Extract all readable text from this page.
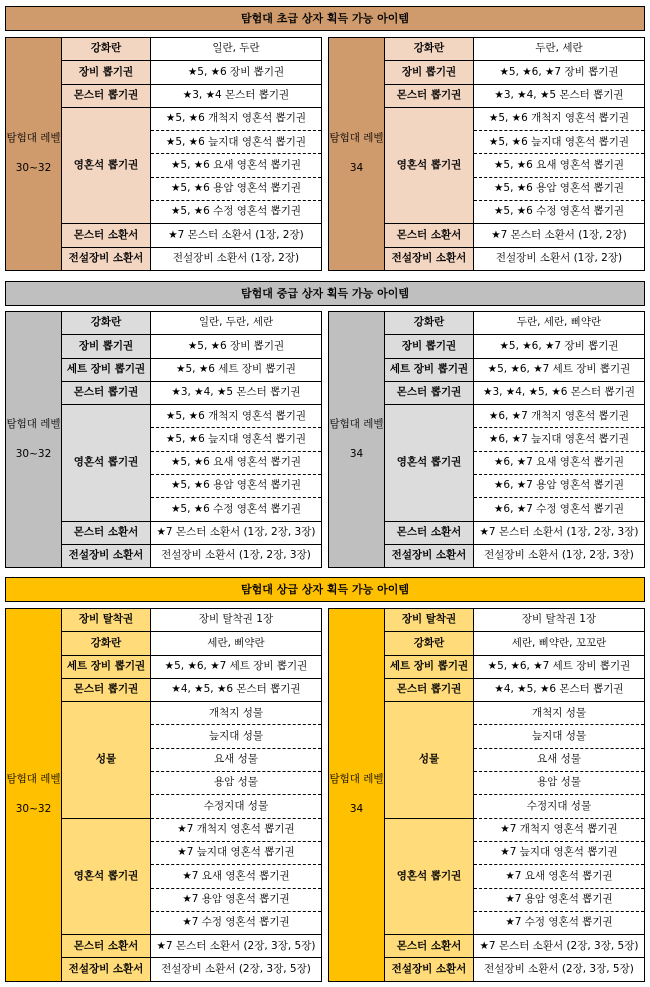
탐험대 초급 상자 획득 가능 아이템
탐험대 레벨
30~32	강화란	일란, 두란
	장비 뽑기권	★5, ★6 장비 뽑기권
	몬스터 뽑기권	★3, ★4 몬스터 뽑기권
	영혼석 뽑기권	★5, ★6 개척지 영혼석 뽑기권
		★5, ★6 늪지대 영혼석 뽑기권
		★5, ★6 요새 영혼석 뽑기권
		★5, ★6 용암 영혼석 뽑기권
		★5, ★6 수정 영혼석 뽑기권
	몬스터 소환서	★7 몬스터 소환서 (1장, 2장)
	전설장비 소환서	전설장비 소환서 (1장, 2장)
탐험대 레벨
34	강화란	두란, 세란
	장비 뽑기권	★5, ★6, ★7 장비 뽑기권
	몬스터 뽑기권	★3, ★4, ★5 몬스터 뽑기권
	영혼석 뽑기권	★5, ★6 개척지 영혼석 뽑기권
		★5, ★6 늪지대 영혼석 뽑기권
		★5, ★6 요새 영혼석 뽑기권
		★5, ★6 용암 영혼석 뽑기권
		★5, ★6 수정 영혼석 뽑기권
	몬스터 소환서	★7 몬스터 소환서 (1장, 2장)
	전설장비 소환서	전설장비 소환서 (1장, 2장)
탐험대 중급 상자 획득 가능 아이템
탐험대 레벨
30~32	강화란	일란, 두란, 세란
	장비 뽑기권	★5, ★6 장비 뽑기권
	세트 장비 뽑기권	★5, ★6 세트 장비 뽑기권
	몬스터 뽑기권	★3, ★4, ★5 몬스터 뽑기권
	영혼석 뽑기권	★5, ★6 개척지 영혼석 뽑기권
		★5, ★6 늪지대 영혼석 뽑기권
		★5, ★6 요새 영혼석 뽑기권
		★5, ★6 용암 영혼석 뽑기권
		★5, ★6 수정 영혼석 뽑기권
	몬스터 소환서	★7 몬스터 소환서 (1장, 2장, 3장)
	전설장비 소환서	전설장비 소환서 (1장, 2장, 3장)
탐험대 레벨
34	강화란	두란, 세란, 삐약란
	장비 뽑기권	★5, ★6, ★7 장비 뽑기권
	세트 장비 뽑기권	★5, ★6, ★7 세트 장비 뽑기권
	몬스터 뽑기권	★3, ★4, ★5, ★6 몬스터 뽑기권
	영혼석 뽑기권	★6, ★7 개척지 영혼석 뽑기권
		★6, ★7 늪지대 영혼석 뽑기권
		★6, ★7 요새 영혼석 뽑기권
		★6, ★7 용암 영혼석 뽑기권
		★6, ★7 수정 영혼석 뽑기권
	몬스터 소환서	★7 몬스터 소환서 (1장, 2장, 3장)
	전설장비 소환서	전설장비 소환서 (1장, 2장, 3장)
탐험대 상급 상자 획득 가능 아이템
탐험대 레벨
30~32	장비 탈착권	장비 탈착권 1장
	강화란	세란, 삐약란
	세트 장비 뽑기권	★5, ★6, ★7 세트 장비 뽑기권
	몬스터 뽑기권	★4, ★5, ★6 몬스터 뽑기권
	성물	개척지 성물
		늪지대 성물
		요새 성물
		용암 성물
		수정지대 성물
	영혼석 뽑기권	★7 개척지 영혼석 뽑기권
		★7 늪지대 영혼석 뽑기권
		★7 요새 영혼석 뽑기권
		★7 용암 영혼석 뽑기권
		★7 수정 영혼석 뽑기권
	몬스터 소환서	★7 몬스터 소환서 (2장, 3장, 5장)
	전설장비 소환서	전설장비 소환서 (2장, 3장, 5장)
탐험대 레벨
34	장비 탈착권	장비 탈착권 1장
	강화란	세란, 삐약란, 꼬꼬란
	세트 장비 뽑기권	★5, ★6, ★7 세트 장비 뽑기권
	몬스터 뽑기권	★4, ★5, ★6 몬스터 뽑기권
	성물	개척지 성물
		늪지대 성물
		요새 성물
		용암 성물
		수정지대 성물
	영혼석 뽑기권	★7 개척지 영혼석 뽑기권
		★7 늪지대 영혼석 뽑기권
		★7 요새 영혼석 뽑기권
		★7 용암 영혼석 뽑기권
		★7 수정 영혼석 뽑기권
	몬스터 소환서	★7 몬스터 소환서 (2장, 3장, 5장)
	전설장비 소환서	전설장비 소환서 (2장, 3장, 5장)
